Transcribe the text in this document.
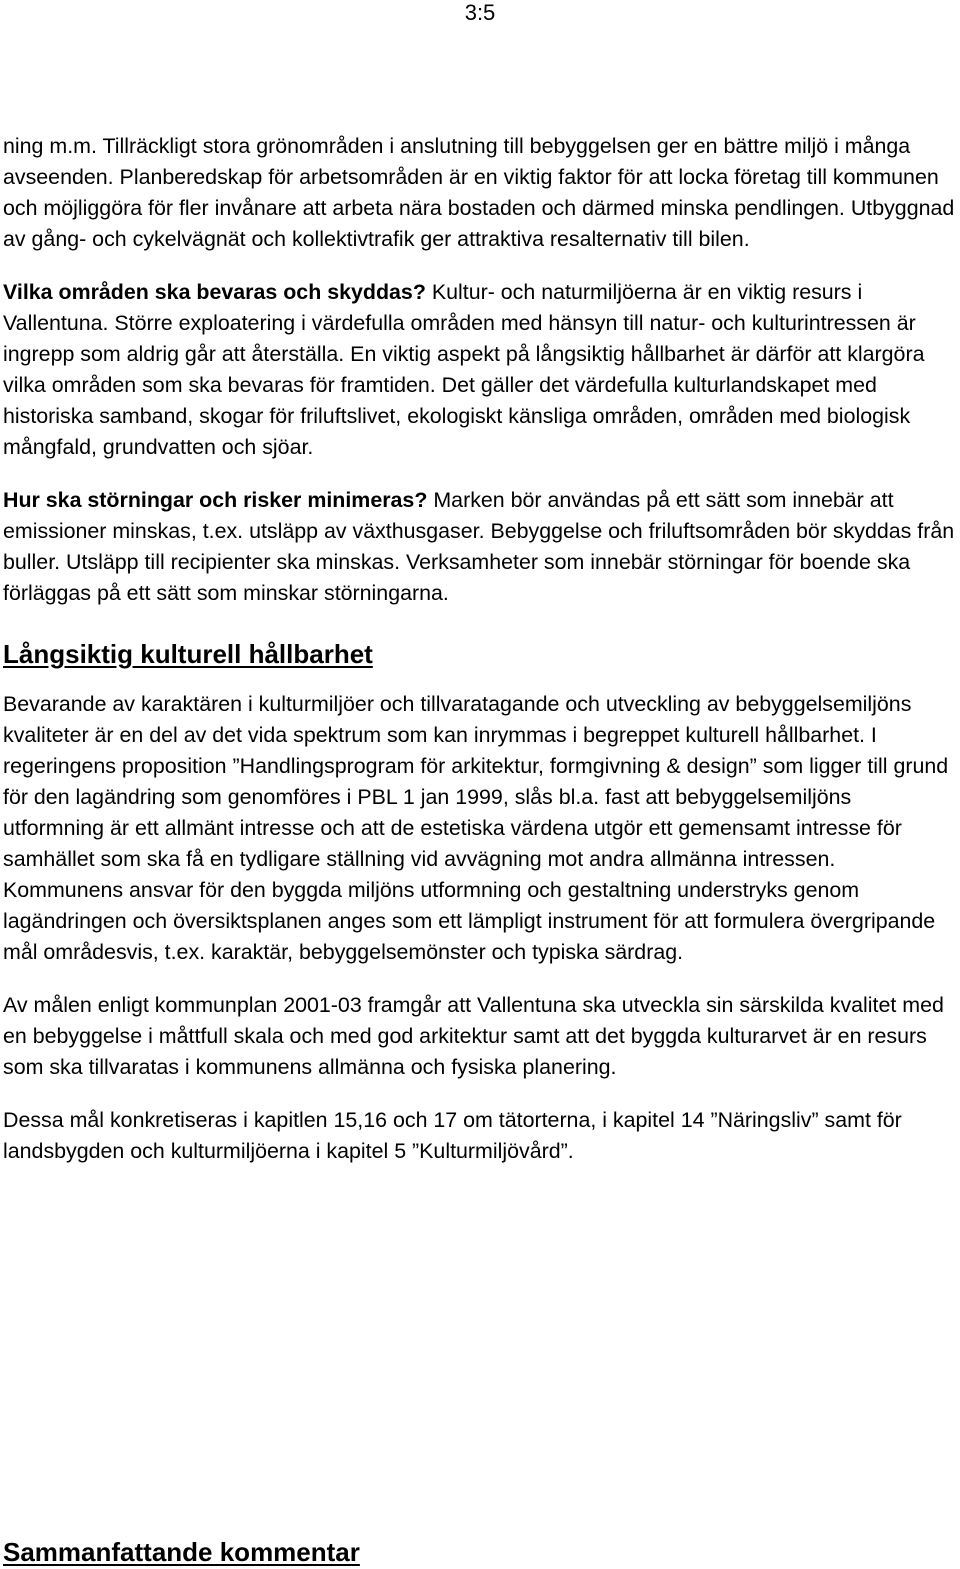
3:5

ning m.m. Tillräckligt stora grönområden i anslutning till bebyggelsen ger en bättre miljö i många avseenden. Planberedskap för arbetsområden är en viktig faktor för att locka företag till kommunen och möjliggöra för fler invånare att arbeta nära bostaden och därmed minska pendlingen. Utbyggnad av gång- och cykelvägnät och kollektivtrafik ger attraktiva resalternativ till bilen.

Vilka områden ska bevaras och skyddas? Kultur- och naturmiljöerna är en viktig resurs i Vallentuna. Större exploatering i värdefulla områden med hänsyn till natur- och kulturintressen är ingrepp som aldrig går att återställa. En viktig aspekt på långsiktig hållbarhet är därför att klargöra vilka områden som ska bevaras för framtiden. Det gäller det värdefulla kulturlandskapet med historiska samband, skogar för friluftslivet, ekologiskt känsliga områden, områden med biologisk mångfald, grundvatten och sjöar.

Hur ska störningar och risker minimeras? Marken bör användas på ett sätt som innebär att emissioner minskas, t.ex. utsläpp av växthusgaser. Bebyggelse och friluftsområden bör skyddas från buller. Utsläpp till recipienter ska minskas. Verksamheter som innebär störningar för boende ska förläggas på ett sätt som minskar störningarna.

Långsiktig kulturell hållbarhet

Bevarande av karaktären i kulturmiljöer och tillvaratagande och utveckling av bebyggelsemiljöns kvaliteter är en del av det vida spektrum som kan inrymmas i begreppet kulturell hållbarhet. I regeringens proposition ”Handlingsprogram för arkitektur, formgivning & design” som ligger till grund för den lagändring som genomföres i PBL 1 jan 1999, slås bl.a. fast att bebyggelsemiljöns utformning är ett allmänt intresse och att de estetiska värdena utgör ett gemensamt intresse för samhället som ska få en tydligare ställning vid avvägning mot andra allmänna intressen. Kommunens ansvar för den byggda miljöns utformning och gestaltning understryks genom lagändringen och översiktsplanen anges som ett lämpligt instrument för att formulera övergripande mål områdesvis, t.ex. karaktär, bebyggelsemönster och typiska särdrag.

Av målen enligt kommunplan 2001-03 framgår att Vallentuna ska utveckla sin särskilda kvalitet med en bebyggelse i måttfull skala och med god arkitektur samt att det byggda kulturarvet är en resurs som ska tillvaratas i kommunens allmänna och fysiska planering.

Dessa mål konkretiseras i kapitlen 15,16 och 17 om tätorterna, i kapitel 14 ”Näringsliv” samt för landsbygden och kulturmiljöerna i kapitel 5 ”Kulturmiljövård”.

Sammanfattande kommentar
